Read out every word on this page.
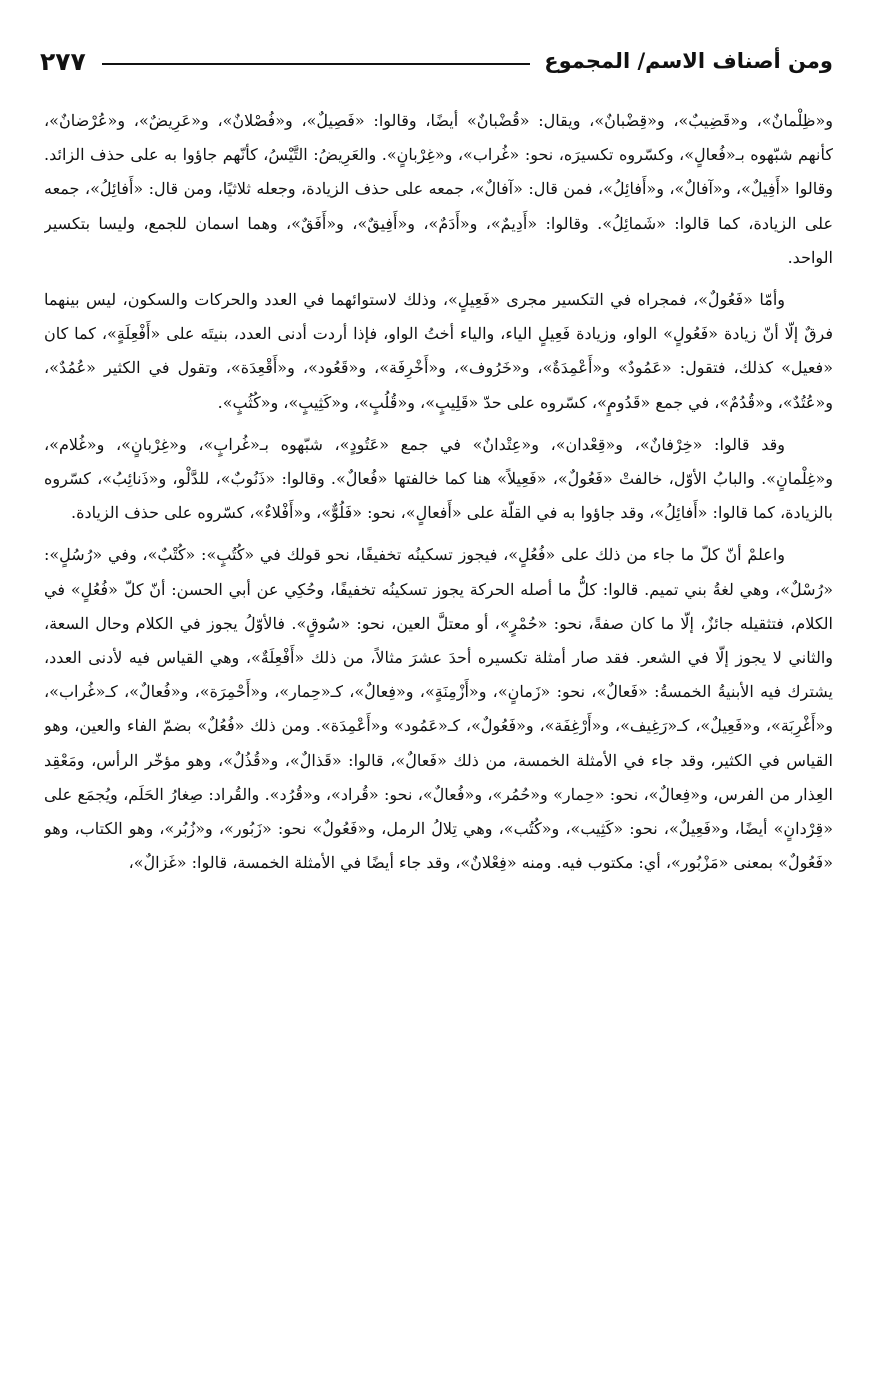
ومن أصناف الاسم/ المجموع
٢٧٧

و«ظِلْمانٌ»، و«قَضِيبٌ»، و«قِضْبانٌ»، ويقال: «قُضْبانٌ» أيضًا، وقالوا: «فَصِيلٌ»، و«فُصْلانٌ»، و«عَرِيضٌ»، و«عُرْضانٌ»، كأنهم شبّهوه بـ«فُعالٍ»، وكسّروه تكسيرَه، نحو: «غُراب»، و«غِرْبانٍ». والعَرِيضُ: التَّيْسُ، كأنّهم جاؤوا به على حذف الزائد. وقالوا «أَفِيلٌ»، و«آفالٌ»، و«أَفائِلُ»، فمن قال: «آفالٌ»، جمعه على حذف الزيادة، وجعله ثلاثيًا، ومن قال: «أَفائِلُ»، جمعه على الزيادة، كما قالوا: «شَمائِلُ». وقالوا: «أَدِيمٌ»، و«أَدَمٌ»، و«أَفِيقٌ»، و«أَفَقٌ»، وهما اسمان للجمع، وليسا بتكسير الواحد.

وأمّا «فَعُولٌ»، فمجراه في التكسير مجرى «فَعِيلٍ»، وذلك لاستوائهما في العدد والحركات والسكون، ليس بينهما فرقٌ إلّا أنّ زيادة «فَعُولٍ» الواو، وزيادة فَعِيلٍ الياء، والياء أختُ الواو، فإذا أردت أدنى العدد، بنيتَه على «أَفْعِلَةٍ»، كما كان «فعيل» كذلك، فتقول: «عَمُودٌ» و«أَعْمِدَةٌ»، و«خَرُوف»، و«أَخْرِفَة»، و«قَعُود»، و«أَقْعِدَة»، وتقول في الكثير «عُمُدٌ»، و«عُتُدٌ»، و«قُدُمٌ»، في جمع «قَدُومٍ»، كسّروه على حدّ «قَلِيبٍ»، و«قُلُبٍ»، و«كَثِيبٍ»، و«كُثُبٍ».

وقد قالوا: «خِرْفانٌ»، و«قِعْدان»، و«عِتْدانٌ» في جمع «عَتُودٍ»، شبّهوه بـ«غُرابٍ»، و«غِرْبانٍ»، و«غُلام»، و«غِلْمانٍ». والبابُ الأوّل، خالفتْ «فَعُولٌ»، «فَعِيلاً» هنا كما خالفتها «فُعالٌ». وقالوا: «ذَنُوبٌ»، للدَّلْو، و«ذَنائِبُ»، كسّروه بالزيادة، كما قالوا: «أَفائِلُ»، وقد جاؤوا به في القلّة على «أَفعالٍ»، نحو: «فَلُوٌّ»، و«أَفْلاءٌ»، كسّروه على حذف الزيادة.

واعلمْ أنّ كلّ ما جاء من ذلك على «فُعُلٍ»، فيجوز تسكينُه تخفيفًا، نحو قولك في «كُتُبٍ»: «كُتْبٌ»، وفي «رُسُلٍ»: «رُسْلٌ»، وهي لغةُ بني تميم. قالوا: كلُّ ما أصله الحركة يجوز تسكينُه تخفيفًا، وحُكِي عن أبي الحسن: أنّ كلّ «فُعُلٍ» في الكلام، فتثقيله جائزٌ، إلّا ما كان صفةً، نحو: «حُمْرٍ»، أو معتلَّ العين، نحو: «سُوقٍ». فالأوّلُ يجوز في الكلام وحال السعة، والثاني لا يجوز إلّا في الشعر. فقد صار أمثلة تكسيره أحدَ عشرَ مثالاً، من ذلك «أَفْعِلَةٌ»، وهي القياس فيه لأدنى العدد، يشترك فيه الأبنيةُ الخمسةُ: «فَعالٌ»، نحو: «زَمانٍ»، و«أَزْمِنَةٍ»، و«فِعالٌ»، كـ«حِمار»، و«أَحْمِرَة»، و«فُعالٌ»، كـ«غُراب»، و«أَغْرِبَة»، و«فَعِيلٌ»، كـ«رَغِيف»، و«أَرْغِفَة»، و«فَعُولٌ»، كـ«عَمُود» و«أَعْمِدَة». ومن ذلك «فُعُلٌ» بضمّ الفاء والعين، وهو القياس في الكثير، وقد جاء في الأمثلة الخمسة، من ذلك «فَعالٌ»، قالوا: «قَذالٌ»، و«قُذُلٌ»، وهو مؤخّر الرأس، ومَعْقِد العِذار من الفرس، و«فِعالٌ»، نحو: «حِمار» و«حُمُر»، و«فُعالٌ»، نحو: «قُراد»، و«قُرُد». والقُراد: صِغارُ الحَلَم، ويُجمَع على «قِرْدانٍ» أيضًا، و«فَعِيلٌ»، نحو: «كَثِيب»، و«كُتُب»، وهي تِلالُ الرمل، و«فَعُولٌ» نحو: «زَبُور»، و«زُبُر»، وهو الكتاب، وهو «فَعُولٌ» بمعنى «مَزْبُور»، أي: مكتوب فيه. ومنه «فِعْلانٌ»، وقد جاء أيضًا في الأمثلة الخمسة، قالوا: «غَزالٌ»،
